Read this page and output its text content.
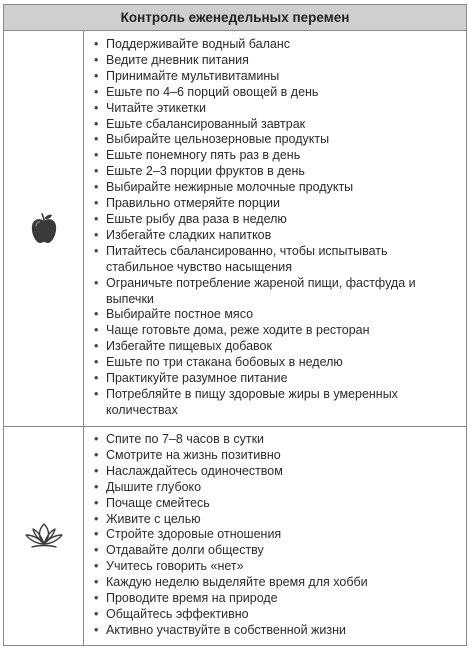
Контроль еженедельных перемен
• Поддерживайте водный баланс
• Ведите дневник питания
• Принимайте мультивитамины
• Ешьте по 4–6 порций овощей в день
• Читайте этикетки
• Ешьте сбалансированный завтрак
• Выбирайте цельнозерновые продукты
• Ешьте понемногу пять раз в день
• Ешьте 2–3 порции фруктов в день
• Выбирайте нежирные молочные продукты
• Правильно отмеряйте порции
• Ешьте рыбу два раза в неделю
• Избегайте сладких напитков
• Питайтесь сбалансированно, чтобы испытывать стабильное чувство насыщения
• Ограничьте потребление жареной пищи, фастфуда и выпечки
• Выбирайте постное мясо
• Чаще готовьте дома, реже ходите в ресторан
• Избегайте пищевых добавок
• Ешьте по три стакана бобовых в неделю
• Практикуйте разумное питание
• Потребляйте в пищу здоровые жиры в умеренных количествах
• Спите по 7–8 часов в сутки
• Смотрите на жизнь позитивно
• Наслаждайтесь одиночеством
• Дышите глубоко
• Почаще смейтесь
• Живите с целью
• Стройте здоровые отношения
• Отдавайте долги обществу
• Учитесь говорить «нет»
• Каждую неделю выделяйте время для хобби
• Проводите время на природе
• Общайтесь эффективно
• Активно участвуйте в собственной жизни
